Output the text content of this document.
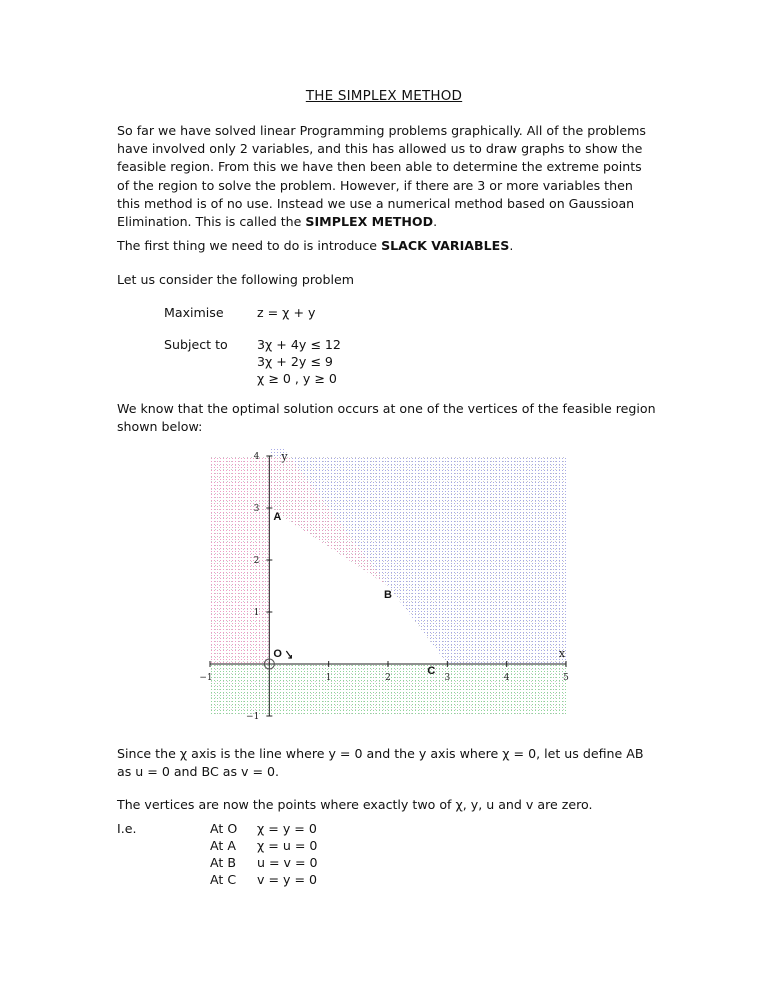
THE SIMPLEX METHOD
So far we have solved linear Programming problems graphically. All of the problems have involved only 2 variables, and this has allowed us to draw graphs to show the feasible region. From this we have then been able to determine the extreme points of the region to solve the problem. However, if there are 3 or more variables then this method is of no use. Instead we use a numerical method based on Gaussioan Elimination. This is called the SIMPLEX METHOD.
The first thing we need to do is introduce SLACK VARIABLES.
Let us consider the following problem
Maximise	z = χ + y
Subject to 3χ + 4y ≤ 12
3χ + 2y ≤ 9
χ ≥ 0 , y ≥ 0
We know that the optimal solution occurs at one of the vertices of the feasible region shown below:
−1	1	2	3	4	5
4
3
2
1
−1
x
y
A
B
C
O
Since the χ axis is the line where y = 0 and the y axis where χ = 0, let us define AB as u = 0 and BC as v = 0.
The vertices are now the points where exactly two of χ, y, u and v are zero.
I.e.	At O χ = y = 0
At A χ = u = 0
At B u = v = 0
At C v = y = 0
